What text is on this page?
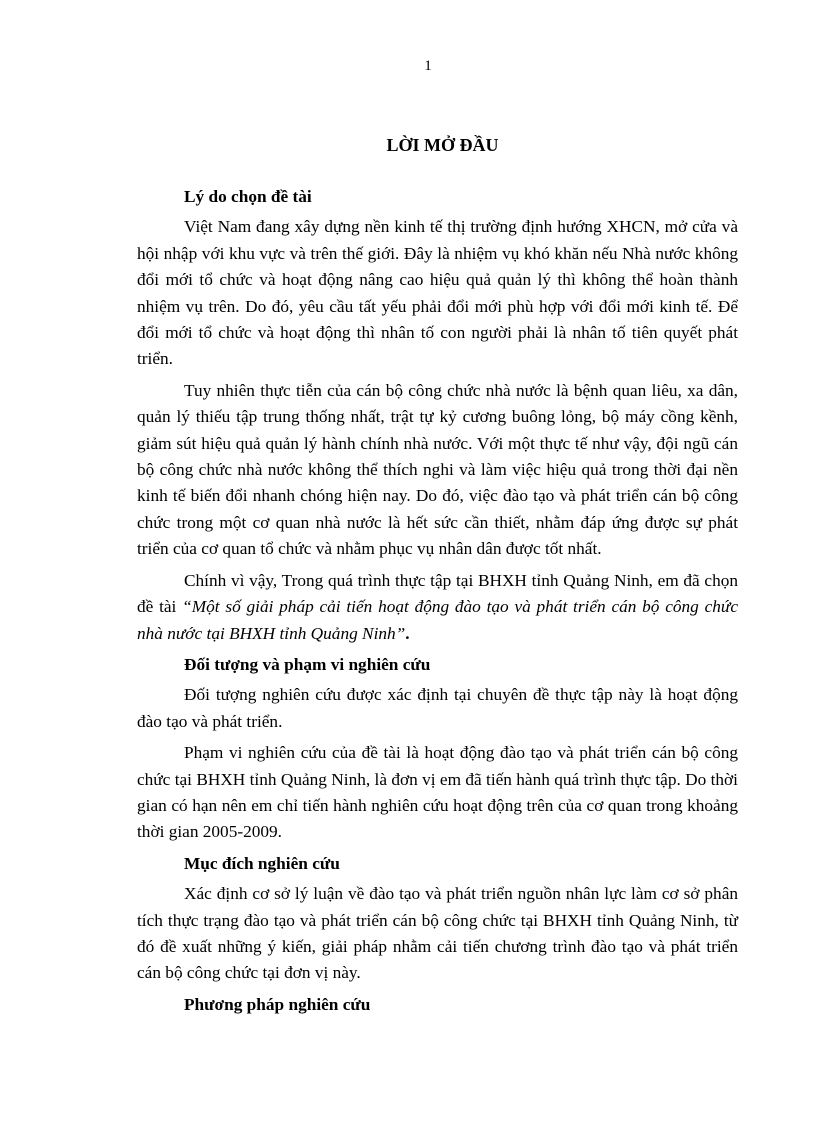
1
LỜI MỞ ĐẦU

Lý do chọn đề tài

Việt Nam đang xây dựng nền kinh tế thị trường định hướng XHCN, mở cửa và hội nhập với khu vực và trên thế giới. Đây là nhiệm vụ khó khăn nếu Nhà nước không đổi mới tổ chức và hoạt động nâng cao hiệu quả quản lý thì không thể hoàn thành nhiệm vụ trên. Do đó, yêu cầu tất yếu phải đổi mới phù hợp với đổi mới kinh tế. Để đổi mới tổ chức và hoạt động thì nhân tố con người phải là nhân tố tiên quyết phát triển.

Tuy nhiên thực tiễn của cán bộ công chức nhà nước là bệnh quan liêu, xa dân, quản lý thiếu tập trung thống nhất, trật tự kỷ cương buông lỏng, bộ máy cồng kềnh, giảm sút hiệu quả quản lý hành chính nhà nước. Với một thực tế như vậy, đội ngũ cán bộ công chức nhà nước không thể thích nghi và làm việc hiệu quả trong thời đại nền kinh tế biến đổi nhanh chóng hiện nay. Do đó, việc đào tạo và phát triển cán bộ công chức trong một cơ quan nhà nước là hết sức cần thiết, nhằm đáp ứng được sự phát triển của cơ quan tổ chức và nhằm phục vụ nhân dân được tốt nhất.

Chính vì vậy, Trong quá trình thực tập tại BHXH tỉnh Quảng Ninh, em đã chọn đề tài “Một số giải pháp cải tiến hoạt động đào tạo và phát triển cán bộ công chức nhà nước tại BHXH tỉnh Quảng Ninh”.

Đối tượng và phạm vi nghiên cứu

Đối tượng nghiên cứu được xác định tại chuyên đề thực tập này là hoạt động đào tạo và phát triển.

Phạm vi nghiên cứu của đề tài là hoạt động đào tạo và phát triển cán bộ công chức tại BHXH tỉnh Quảng Ninh, là đơn vị em đã tiến hành quá trình thực tập. Do thời gian có hạn nên em chỉ tiến hành nghiên cứu hoạt động trên của cơ quan trong khoảng thời gian 2005-2009.

Mục đích nghiên cứu

Xác định cơ sở lý luận về đào tạo và phát triển nguồn nhân lực làm cơ sở phân tích thực trạng đào tạo và phát triển cán bộ công chức tại BHXH tỉnh Quảng Ninh, từ đó đề xuất những ý kiến, giải pháp nhằm cải tiến chương trình đào tạo và phát triển cán bộ công chức tại đơn vị này.

Phương pháp nghiên cứu
